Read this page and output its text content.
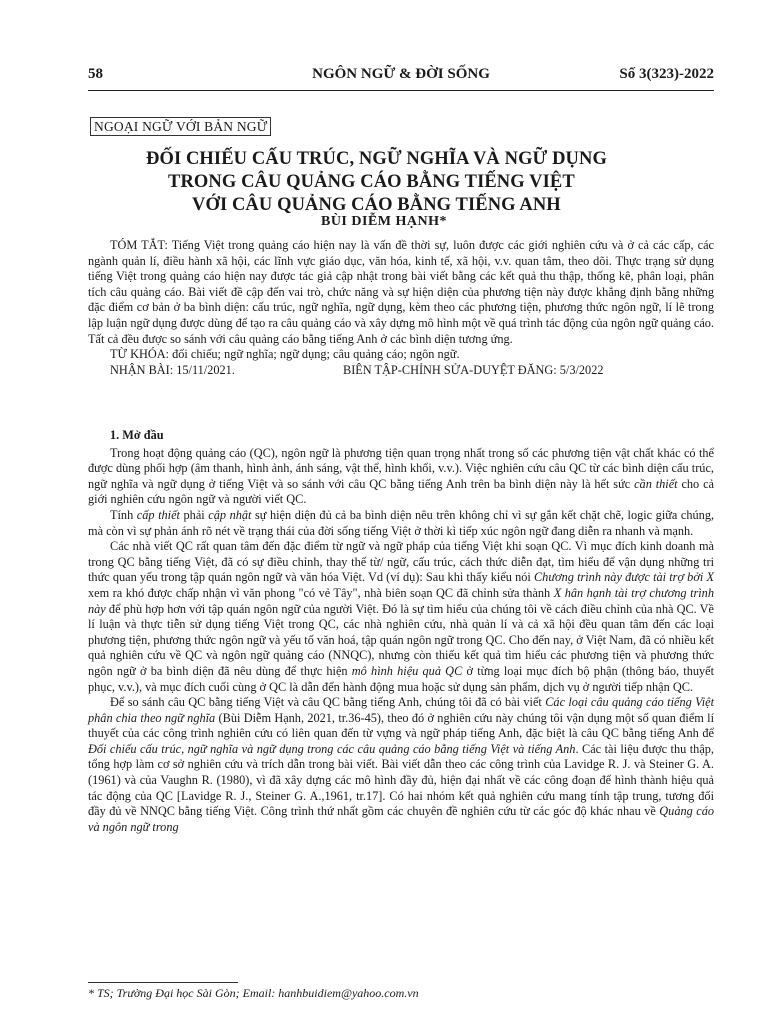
58	NGÔN NGỮ & ĐỜI SỐNG	Số 3(323)-2022
NGOẠI NGỮ VỚI BẢN NGỮ
ĐỐI CHIẾU CẤU TRÚC, NGỮ NGHĨA VÀ NGỮ DỤNG
TRONG CÂU QUẢNG CÁO BẰNG TIẾNG VIỆT
VỚI CÂU QUẢNG CÁO BẰNG TIẾNG ANH
BÙI DIỄM HẠNH*

TÓM TẮT: Tiếng Việt trong quảng cáo hiện nay là vấn đề thời sự, luôn được các giới nghiên cứu và ở cả các cấp, các ngành quản lí, điều hành xã hội, các lĩnh vực giáo dục, văn hóa, kinh tế, xã hội, v.v. quan tâm, theo dõi. Thực trạng sử dụng tiếng Việt trong quảng cáo hiện nay được tác giả cập nhật trong bài viết bằng các kết quả thu thập, thống kê, phân loại, phân tích câu quảng cáo. Bài viết đề cập đến vai trò, chức năng và sự hiện diện của phương tiện này được khẳng định bằng những đặc điểm cơ bản ở ba bình diện: cấu trúc, ngữ nghĩa, ngữ dụng, kèm theo các phương tiện, phương thức ngôn ngữ, lí lẽ trong lập luận ngữ dụng được dùng để tạo ra câu quảng cáo và xây dựng mô hình một về quá trình tác động của ngôn ngữ quảng cáo. Tất cả đều được so sánh với câu quảng cáo bằng tiếng Anh ở các bình diện tương ứng.

TỪ KHÓA: đối chiếu; ngữ nghĩa; ngữ dụng; câu quảng cáo; ngôn ngữ.

NHẬN BÀI: 15/11/2021.	BIÊN TẬP-CHỈNH SỬA-DUYỆT ĐĂNG: 5/3/2022
1. Mở đầu

Trong hoạt động quảng cáo (QC), ngôn ngữ là phương tiện quan trọng nhất trong số các phương tiện vật chất khác có thể được dùng phối hợp (âm thanh, hình ảnh, ánh sáng, vật thể, hình khối, v.v.). Việc nghiên cứu câu QC từ các bình diện cấu trúc, ngữ nghĩa và ngữ dụng ở tiếng Việt và so sánh với câu QC bằng tiếng Anh trên ba bình diện này là hết sức cần thiết cho cả giới nghiên cứu ngôn ngữ và người viết QC.

Tính cấp thiết phải cập nhật sự hiện diện đủ cả ba bình diện nêu trên không chỉ vì sự gắn kết chặt chẽ, logic giữa chúng, mà còn vì sự phản ánh rõ nét về trạng thái của đời sống tiếng Việt ở thời kì tiếp xúc ngôn ngữ đang diễn ra nhanh và mạnh.

Các nhà viết QC rất quan tâm đến đặc điểm từ ngữ và ngữ pháp của tiếng Việt khi soạn QC. Vì mục đích kinh doanh mà trong QC bằng tiếng Việt, đã có sự điều chỉnh, thay thế từ/ ngữ, cấu trúc, cách thức diễn đạt, tìm hiểu để vận dụng những tri thức quan yếu trong tập quán ngôn ngữ và văn hóa Việt. Vd (ví dụ): Sau khi thấy kiểu nói Chương trình này được tài trợ bởi X xem ra khó được chấp nhận vì văn phong "có vẻ Tây", nhà biên soạn QC đã chỉnh sửa thành X hân hạnh tài trợ chương trình này để phù hợp hơn với tập quán ngôn ngữ của người Việt. Đó là sự tìm hiểu của chúng tôi về cách điều chỉnh của nhà QC. Về lí luận và thực tiễn sử dụng tiếng Việt trong QC, các nhà nghiên cứu, nhà quản lí và cả xã hội đều quan tâm đến các loại phương tiện, phương thức ngôn ngữ và yếu tố văn hoá, tập quán ngôn ngữ trong QC. Cho đến nay, ở Việt Nam, đã có nhiều kết quả nghiên cứu về QC và ngôn ngữ quảng cáo (NNQC), nhưng còn thiếu kết quả tìm hiểu các phương tiện và phương thức ngôn ngữ ở ba bình diện đã nêu dùng để thực hiện mô hình hiệu quả QC ở từng loại mục đích bộ phận (thông báo, thuyết phục, v.v.), và mục đích cuối cùng ở QC là dẫn đến hành động mua hoặc sử dụng sản phẩm, dịch vụ ở người tiếp nhận QC.

Để so sánh câu QC bằng tiếng Việt và câu QC bằng tiếng Anh, chúng tôi đã có bài viết Các loại câu quảng cáo tiếng Việt phân chia theo ngữ nghĩa (Bùi Diễm Hạnh, 2021, tr.36-45), theo đó ở nghiên cứu này chúng tôi vận dụng một số quan điểm lí thuyết của các công trình nghiên cứu có liên quan đến từ vựng và ngữ pháp tiếng Anh, đặc biệt là câu QC bằng tiếng Anh để Đối chiếu cấu trúc, ngữ nghĩa và ngữ dụng trong các câu quảng cáo bằng tiếng Việt và tiếng Anh. Các tài liệu được thu thập, tổng hợp làm cơ sở nghiên cứu và trích dẫn trong bài viết. Bài viết dẫn theo các công trình của Lavidge R. J. và Steiner G. A. (1961) và của Vaughn R. (1980), vì đã xây dựng các mô hình đầy đủ, hiện đại nhất về các công đoạn để hình thành hiệu quả tác động của QC [Lavidge R. J., Steiner G. A.,1961, tr.17]. Có hai nhóm kết quả nghiên cứu mang tính tập trung, tương đối đầy đủ về NNQC bằng tiếng Việt. Công trình thứ nhất gồm các chuyên đề nghiên cứu từ các góc độ khác nhau về Quảng cáo và ngôn ngữ trong

* TS; Trường Đại học Sài Gòn; Email: hanhbuidiem@yahoo.com.vn
